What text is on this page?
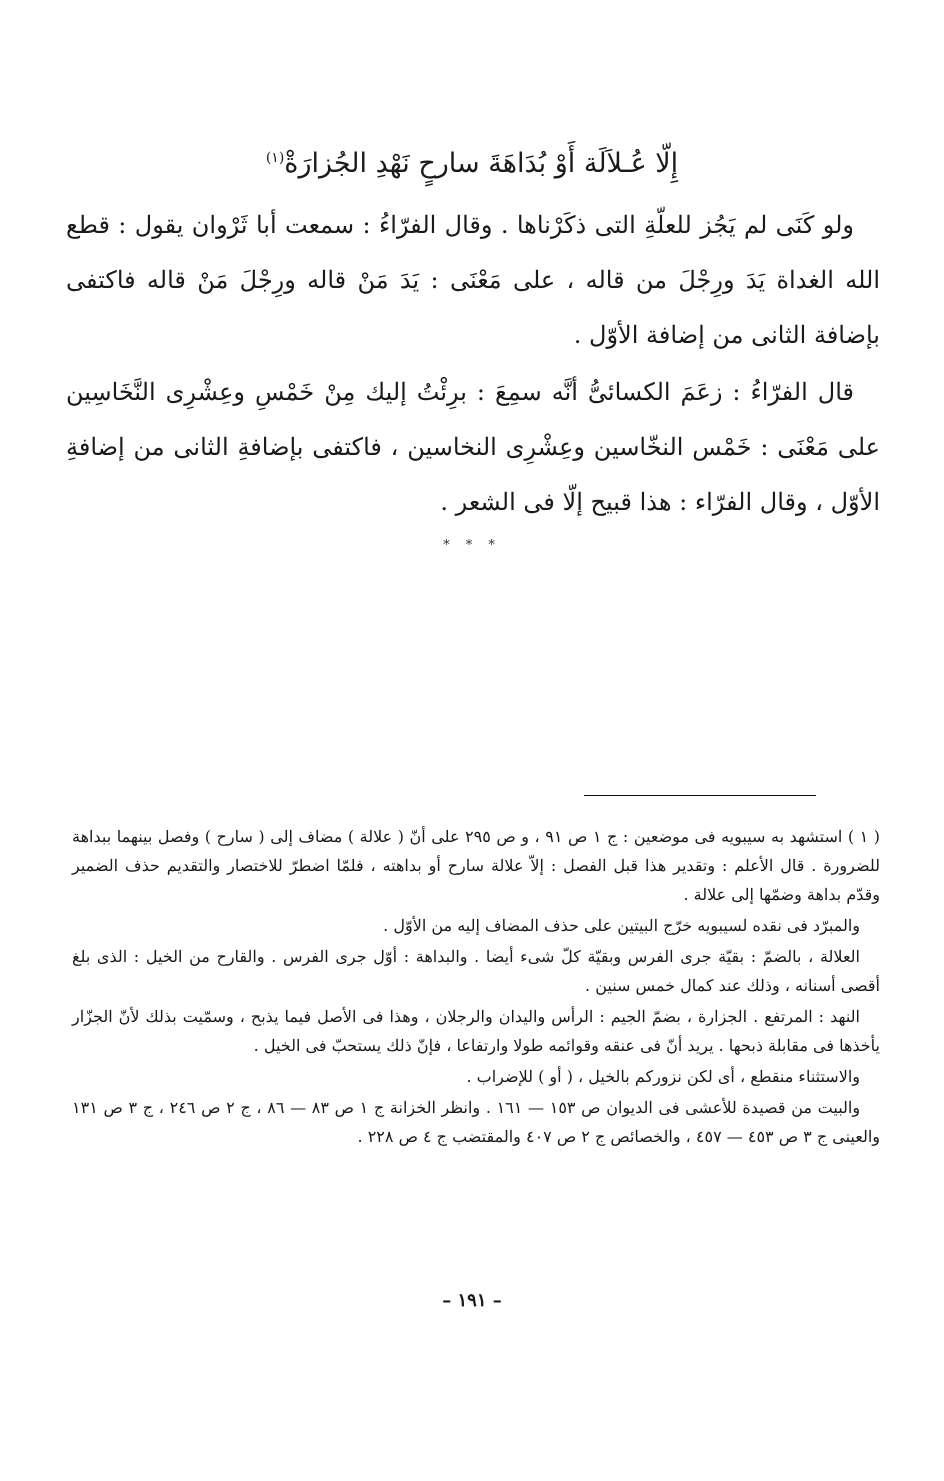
إِلّا عُـلاَلَة أَوْ بُدَاهَةَ سارحٍ نَهْدِ الجُزارَةْ$^{(١)}$

ولو كَنَى لم يَجُز للعلّةِ التى ذكَرْناها . وقال الفرّاءُ : سمعت أبا ثَرْوان يقول : قطع الله الغداة يَدَ ورِجْلَ من قاله ، على مَعْنَى : يَدَ مَنْ قاله ورِجْلَ مَنْ قاله فاكتفى بإضافة الثانى من إضافة الأوّل .

قال الفرّاءُ : زعَمَ الكسائىُّ أنَّه سمِعَ : برِئْتُ إليك مِنْ خَمْسِ وعِشْرِى النَّخَاسِين على مَعْنَى : خَمْس النخّاسين وعِشْرِى النخاسين ، فاكتفى بإضافةِ الثانى من إضافةِ الأوّل ، وقال الفرّاء : هذا قبيح إلّا فى الشعر .

* * *

( ١ ) استشهد به سيبويه فى موضعين : ج ١ ص ٩١ ، و ص ٢٩٥ على أنّ ( علالة ) مضاف إلى ( سارح ) وفصل بينهما ببداهة للضرورة . قال الأعلم : وتقدير هذا قبل الفصل : إلاّ علالة سارح أو بداهته ، فلمّا اضطرّ للاختصار والتقديم حذف الضمير وقدّم بداهة وضمّها إلى علالة .

والمبرّد فى نقده لسيبويه خرّج البيتين على حذف المضاف إليه من الأوّل .

العلالة ، بالضمّ : بقيّة جرى الفرس وبقيّة كلّ شىء أيضا . والبداهة : أوّل جرى الفرس . والقارح من الخيل : الذى بلغ أقصى أسنانه ، وذلك عند كمال خمس سنين .

النهد : المرتفع . الجزارة ، بضمّ الجيم : الرأس واليدان والرجلان ، وهذا فى الأصل فيما يذبح ، وسمّيت بذلك لأنّ الجزّار يأخذها فى مقابلة ذبحها . يريد أنّ فى عنقه وقوائمه طولا وارتفاعا ، فإنّ ذلك يستحبّ فى الخيل .

والاستثناء منقطع ، أى لكن نزوركم بالخيل ، ( أو ) للإضراب .

والبيت من قصيدة للأعشى فى الديوان ص ١٥٣ — ١٦١ . وانظر الخزانة ج ١ ص ٨٣ — ٨٦ ، ج ٢ ص ٢٤٦ ، ج ٣ ص ١٣١ والعينى ج ٣ ص ٤٥٣ — ٤٥٧ ، والخصائص ج ٢ ص ٤٠٧ والمقتضب ج ٤ ص ٢٢٨ .

– ١٩١ –
